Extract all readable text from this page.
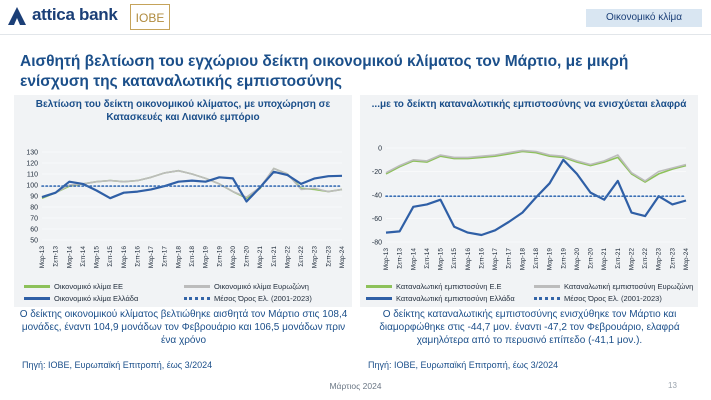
attica bank IOBE	Οικονομικό κλίμα
Αισθητή βελτίωση του εγχώριου δείκτη οικονομικού κλίματος τον Μάρτιο, με μικρή ενίσχυση της καταναλωτικής εμπιστοσύνης
Βελτίωση του δείκτη οικονομικού κλίματος, με υποχώρηση σε Κατασκευές και Λιανικό εμπόριο
50
60
70
80
90
100
110
120
130
Μαρ-13 Σεπ-13 Μαρ-14 Σεπ-14 Μαρ-15 Σεπ-15 Μαρ-16 Σεπ-16 Μαρ-17 Σεπ-17 Μαρ-18 Σεπ-18 Μαρ-19 Σεπ-19 Μαρ-20 Σεπ-20 Μαρ-21 Σεπ-21 Μαρ-22 Σεπ-22 Μαρ-23 Σεπ-23 Μαρ-24
Οικονομικό κλίμα ΕΕ	Οικονομικό κλίμα Ευρωζώνη
Οικονομικό κλίμα Ελλάδα	Μέσος Όρος Ελ. (2001-2023)
Ο δείκτης οικονομικού κλίματος βελτιώθηκε αισθητά τον Μάρτιο στις 108,4 μονάδες, έναντι 104,9 μονάδων τον Φεβρουάριο και 106,5 μονάδων πριν ένα χρόνο
Πηγή: ΙΟΒΕ, Ευρωπαϊκή Επιτροπή, έως 3/2024
...με το δείκτη καταναλωτικής εμπιστοσύνης να ενισχύεται ελαφρά
-80
-60
-40
-20
0
Μαρ-13 Σεπ-13 Μαρ-14 Σεπ-14 Μαρ-15 Σεπ-15 Μαρ-16 Σεπ-16 Μαρ-17 Σεπ-17 Μαρ-18 Σεπ-18 Μαρ-19 Σεπ-19 Μαρ-20 Σεπ-20 Μαρ-21 Σεπ-21 Μαρ-22 Σεπ-22 Μαρ-23 Σεπ-23 Μαρ-24
Καταναλωτική εμπιστοσύνη Ε.Ε	Καταναλωτική εμπιστοσύνη Ευρωζώνη
Καταναλωτική εμπιστοσύνη Ελλάδα	Μέσος Όρος Ελ. (2001-2023)
Ο δείκτης καταναλωτικής εμπιστοσύνης ενισχύθηκε τον Μάρτιο και διαμορφώθηκε στις -44,7 μον. έναντι -47,2 τον Φεβρουάριο, ελαφρά χαμηλότερα από το περυσινό επίπεδο (-41,1 μον.).
Πηγή: ΙΟΒΕ, Ευρωπαϊκή Επιτροπή, έως 3/2024
Μάρτιος 2024	13
